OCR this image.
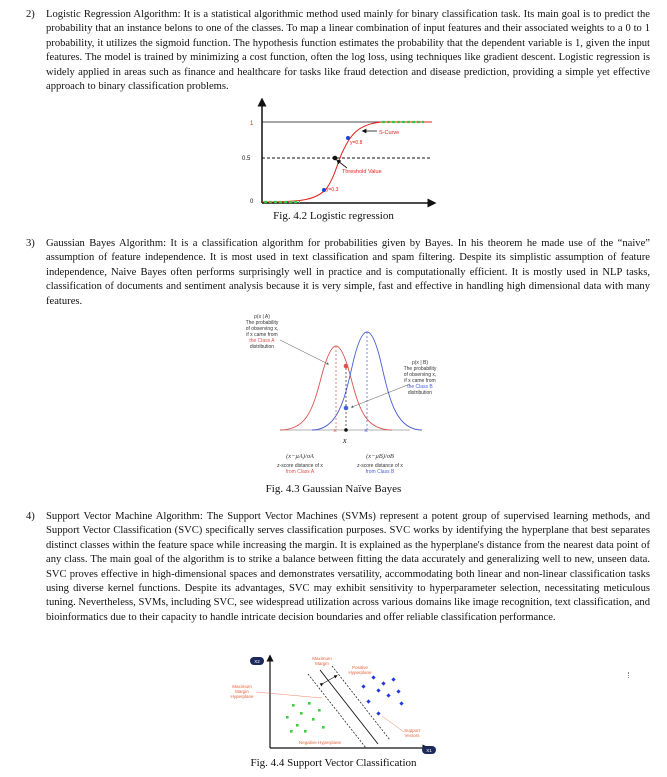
2) Logistic Regression Algorithm: It is a statistical algorithmic method used mainly for binary classification task. Its main goal is to predict the probability that an instance belons to one of the classes. To map a linear combination of input features and their associated weights to a 0 to 1 probability, it utilizes the sigmoid function. The hypothesis function estimates the probability that the dependent variable is 1, given the input features. The model is trained by minimizing a cost function, often the log loss, using techniques like gradient descent. Logistic regression is widely applied in areas such as finance and healthcare for tasks like fraud detection and disease prediction, providing a simple yet effective approach to binary classification problems.
1
0.5
0
S-Curve
y=0.8
Threshold Value
y=0.3
Fig. 4.2 Logistic regression
3) Gaussian Bayes Algorithm: It is a classification algorithm for probabilities given by Bayes. In his theorem he made use of the “naive” assumption of feature independence. It is most used in text classification and spam filtering. Despite its simplistic assumption of feature independence, Naive Bayes often performs surprisingly well in practice and is computationally efficient. It is mostly used in NLP tasks, classification of documents and sentiment analysis because it is very simple, fast and effective in handling high dimensional data with many features.
×	×
x
p(x | A)
The probability
of observing x,
if x came from
the Class A
distribution
p(x | B)
The probability
of observing x,
if x came from
the Class B
distribution
(x−μA)/σA
z-score distance of x
from Class A
(x−μB)/σB
z-score distance of x
from Class B
Fig. 4.3 Gaussian Naïve Bayes
4) Support Vector Machine Algorithm: The Support Vector Machines (SVMs) represent a potent group of supervised learning methods, and Support Vector Classification (SVC) specifically serves classification purposes. SVC works by identifying the hyperplane that best separates distinct classes within the feature space while increasing the margin. It is explained as the hyperplane's distance from the nearest data point of any class. The main goal of the algorithm is to strike a balance between fitting the data accurately and generalizing well to new, unseen data. SVC proves effective in high-dimensional spaces and demonstrates versatility, accommodating both linear and non-linear classification tasks using diverse kernel functions. Despite its advantages, SVC may exhibit sensitivity to hyperparameter selection, necessitating meticulous tuning. Nevertheless, SVMs, including SVC, see widespread utilization across various domains like image recognition, text classification, and bioinformatics due to their capacity to handle intricate decision boundaries and offer reliable classification performance.
X2
X1
Maximum
Margin
Positive
Hyperplane
Maximum
Margin
Hyperplane
Support
Vectors
Negative Hyperplane
Fig. 4.4 Support Vector Classification
